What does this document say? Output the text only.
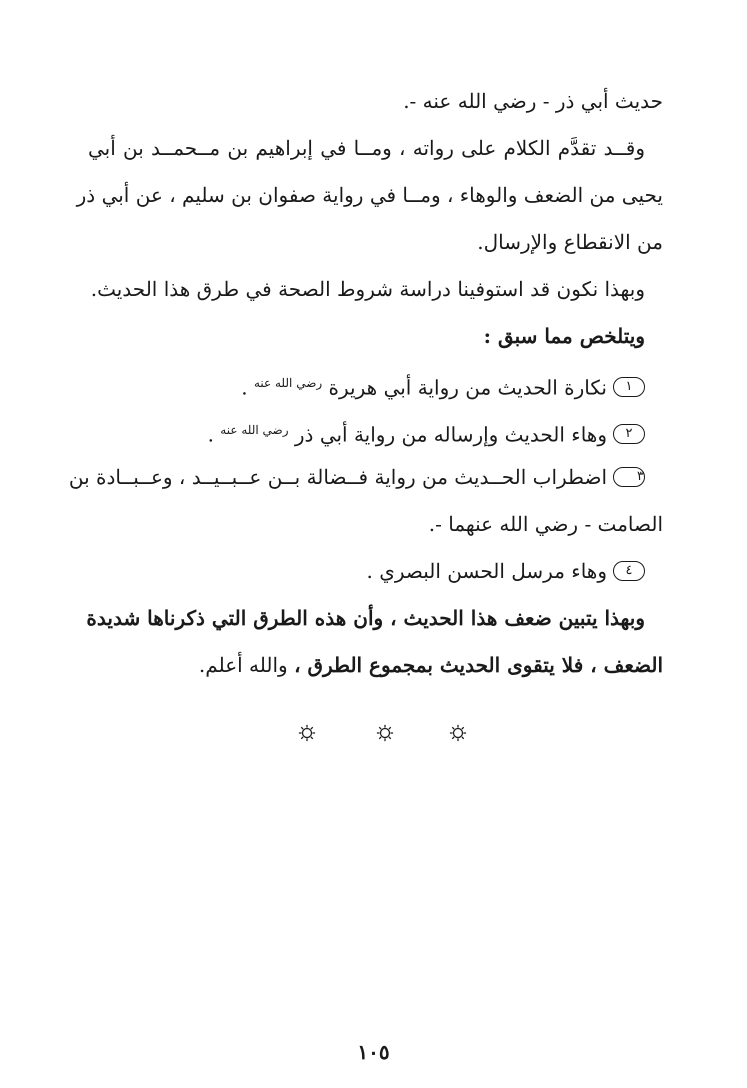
حديث أبي ذر - رضي الله عنه -.
وقــد تقدَّم الكلام على رواته ، ومــا في إبراهيم بن مــحمــد بن أبي
يحيى من الضعف والوهاء ، ومــا في رواية صفوان بن سليم ، عن أبي ذر
من الانقطاع والإرسال.
وبهذا نكون قد استوفينا دراسة شروط الصحة في طرق هذا الحديث.
ويتلخص مما سبق :
١نكارة الحديث من رواية أبي هريرة $^{رضي الله عنه}$ .
٢وهاء الحديث وإرساله من رواية أبي ذر $^{رضي الله عنه}$ .
٣اضطراب الحــديث من رواية فــضالة بــن عــبــيــد ، وعــبــادة بن
الصامت - رضي الله عنهما -.
٤وهاء مرسل الحسن البصري .
وبهذا يتبين ضعف هذا الحديث ، وأن هذه الطرق التي ذكرناها شديدة
الضعف ، فلا يتقوى الحديث بمجموع الطرق ، والله أعلم.
١٠٥
